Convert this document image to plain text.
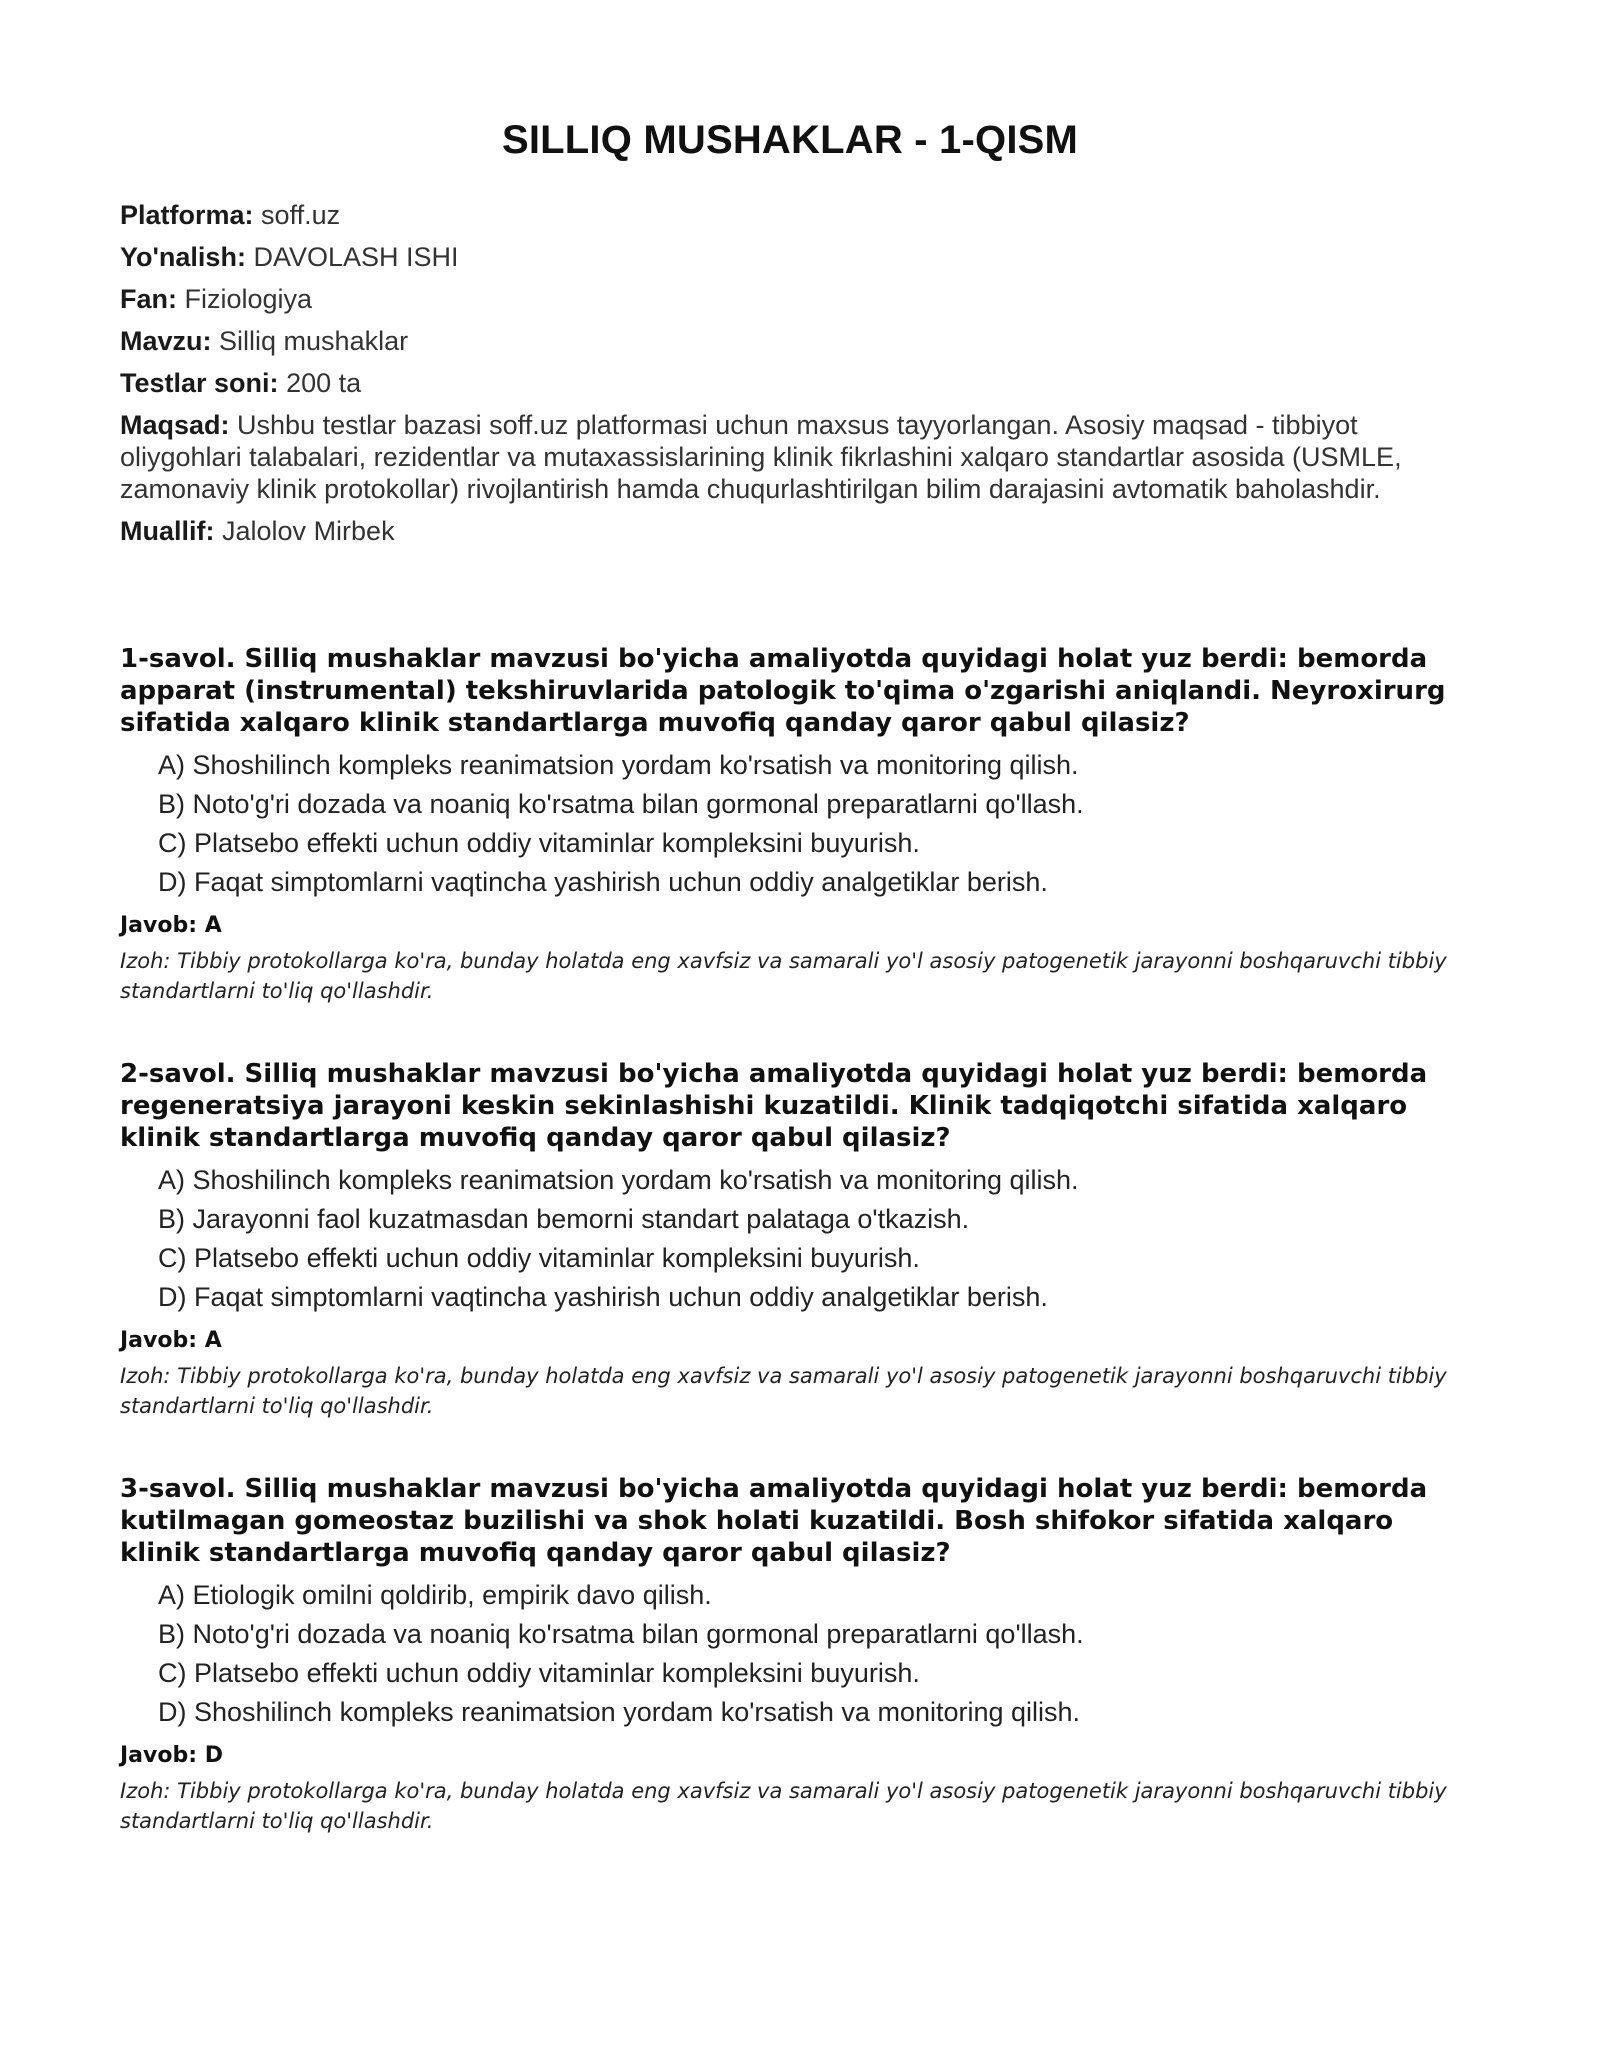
SILLIQ MUSHAKLAR - 1-QISM

Platforma: soff.uz

Yo'nalish: DAVOLASH ISHI

Fan: Fiziologiya

Mavzu: Silliq mushaklar

Testlar soni: 200 ta

Maqsad: Ushbu testlar bazasi soff.uz platformasi uchun maxsus tayyorlangan. Asosiy maqsad - tibbiyot oliygohlari talabalari, rezidentlar va mutaxassislarining klinik fikrlashini xalqaro standartlar asosida (USMLE, zamonaviy klinik protokollar) rivojlantirish hamda chuqurlashtirilgan bilim darajasini avtomatik baholashdir.

Muallif: Jalolov Mirbek

1-savol. Silliq mushaklar mavzusi bo'yicha amaliyotda quyidagi holat yuz berdi: bemorda apparat (instrumental) tekshiruvlarida patologik to'qima o'zgarishi aniqlandi. Neyroxirurg sifatida xalqaro klinik standartlarga muvofiq qanday qaror qabul qilasiz?

A) Shoshilinch kompleks reanimatsion yordam ko'rsatish va monitoring qilish.
B) Noto'g'ri dozada va noaniq ko'rsatma bilan gormonal preparatlarni qo'llash.
C) Platsebo effekti uchun oddiy vitaminlar kompleksini buyurish.
D) Faqat simptomlarni vaqtincha yashirish uchun oddiy analgetiklar berish.

Javob: A

Izoh: Tibbiy protokollarga ko'ra, bunday holatda eng xavfsiz va samarali yo'l asosiy patogenetik jarayonni boshqaruvchi tibbiy standartlarni to'liq qo'llashdir.

2-savol. Silliq mushaklar mavzusi bo'yicha amaliyotda quyidagi holat yuz berdi: bemorda regeneratsiya jarayoni keskin sekinlashishi kuzatildi. Klinik tadqiqotchi sifatida xalqaro klinik standartlarga muvofiq qanday qaror qabul qilasiz?

A) Shoshilinch kompleks reanimatsion yordam ko'rsatish va monitoring qilish.
B) Jarayonni faol kuzatmasdan bemorni standart palataga o'tkazish.
C) Platsebo effekti uchun oddiy vitaminlar kompleksini buyurish.
D) Faqat simptomlarni vaqtincha yashirish uchun oddiy analgetiklar berish.

Javob: A

Izoh: Tibbiy protokollarga ko'ra, bunday holatda eng xavfsiz va samarali yo'l asosiy patogenetik jarayonni boshqaruvchi tibbiy standartlarni to'liq qo'llashdir.

3-savol. Silliq mushaklar mavzusi bo'yicha amaliyotda quyidagi holat yuz berdi: bemorda kutilmagan gomeostaz buzilishi va shok holati kuzatildi. Bosh shifokor sifatida xalqaro klinik standartlarga muvofiq qanday qaror qabul qilasiz?

A) Etiologik omilni qoldirib, empirik davo qilish.
B) Noto'g'ri dozada va noaniq ko'rsatma bilan gormonal preparatlarni qo'llash.
C) Platsebo effekti uchun oddiy vitaminlar kompleksini buyurish.
D) Shoshilinch kompleks reanimatsion yordam ko'rsatish va monitoring qilish.

Javob: D

Izoh: Tibbiy protokollarga ko'ra, bunday holatda eng xavfsiz va samarali yo'l asosiy patogenetik jarayonni boshqaruvchi tibbiy standartlarni to'liq qo'llashdir.
